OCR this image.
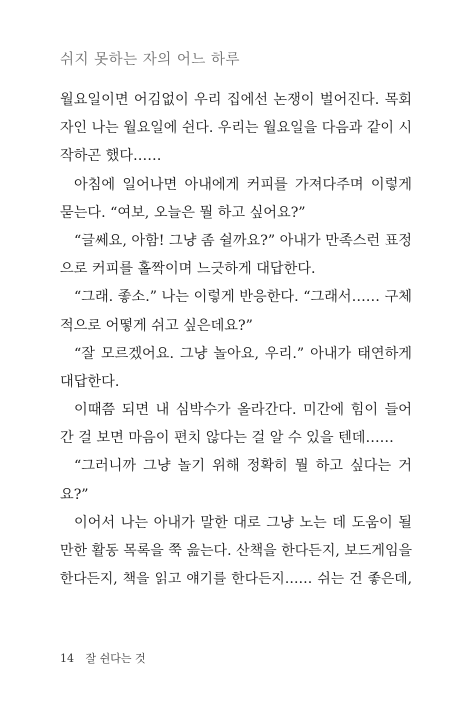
쉬지 못하는 자의 어느 하루
월요일이면 어김없이 우리 집에선 논쟁이 벌어진다. 목회
자인 나는 월요일에 쉰다. 우리는 월요일을 다음과 같이 시
작하곤 했다……
아침에 일어나면 아내에게 커피를 가져다주며 이렇게
묻는다. “여보, 오늘은 뭘 하고 싶어요?”
“글쎄요, 아함! 그냥 좀 쉴까요?” 아내가 만족스런 표정
으로 커피를 홀짝이며 느긋하게 대답한다.
“그래. 좋소.” 나는 이렇게 반응한다. “그래서…… 구체
적으로 어떻게 쉬고 싶은데요?”
“잘 모르겠어요. 그냥 놀아요, 우리.” 아내가 태연하게
대답한다.
이때쯤 되면 내 심박수가 올라간다. 미간에 힘이 들어
간 걸 보면 마음이 편치 않다는 걸 알 수 있을 텐데……
“그러니까 그냥 놀기 위해 정확히 뭘 하고 싶다는 거
요?”
이어서 나는 아내가 말한 대로 그냥 노는 데 도움이 될
만한 활동 목록을 쭉 읊는다. 산책을 한다든지, 보드게임을
한다든지, 책을 읽고 얘기를 한다든지…… 쉬는 건 좋은데,
14 잘 쉰다는 것
